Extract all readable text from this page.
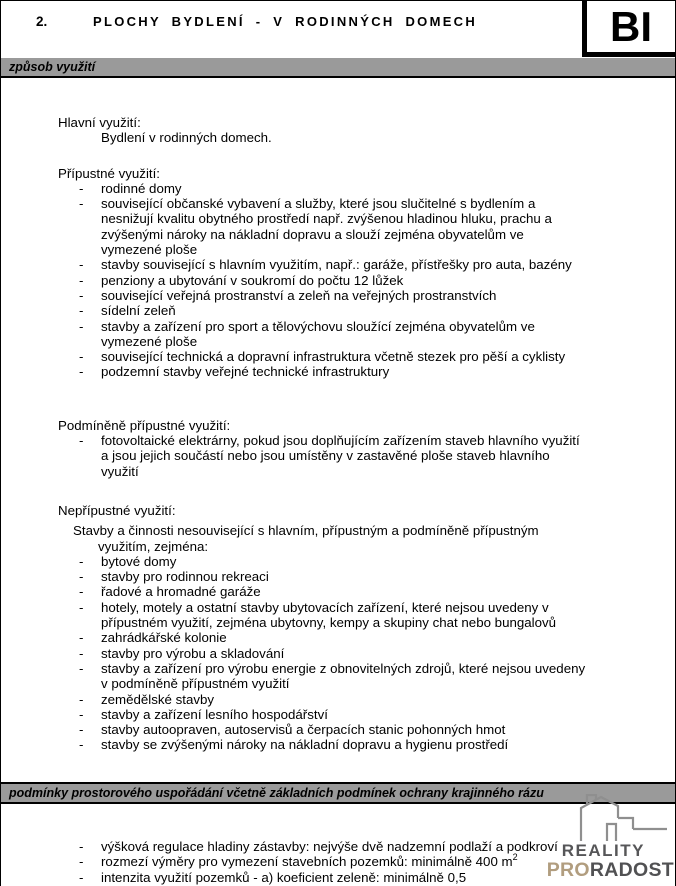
2.	PLOCHY BYDLENÍ - V RODINNÝCH DOMECH	BI
způsob využití

Hlavní využití:

Bydlení v rodinných domech.

Přípustné využití:

-	rodinné domy
-	související občanské vybavení a služby, které jsou slučitelné s bydlením a nesnižují kvalitu obytného prostředí např. zvýšenou hladinou hluku, prachu a zvýšenými nároky na nákladní dopravu a slouží zejména obyvatelům ve vymezené ploše
-	stavby související s hlavním využitím, např.: garáže, přístřešky pro auta, bazény
-	penziony a ubytování v soukromí do počtu 12 lůžek
-	související veřejná prostranství a zeleň na veřejných prostranstvích
-	sídelní zeleň
-	stavby a zařízení pro sport a tělovýchovu sloužící zejména obyvatelům ve vymezené ploše
-	související technická a dopravní infrastruktura včetně stezek pro pěší a cyklisty
-	podzemní stavby veřejné technické infrastruktury

Podmíněně přípustné využití:

-	fotovoltaické elektrárny, pokud jsou doplňujícím zařízením staveb hlavního využití a jsou jejich součástí nebo jsou umístěny v zastavěné ploše staveb hlavního využití

Nepřípustné využití:

Stavby a činnosti nesouvisející s hlavním, přípustným a podmíněně přípustným využitím, zejména:

-	bytové domy
-	stavby pro rodinnou rekreaci
-	řadové a hromadné garáže
-	hotely, motely a ostatní stavby ubytovacích zařízení, které nejsou uvedeny v přípustném využití, zejména ubytovny, kempy a skupiny chat nebo bungalovů
-	zahrádkářské kolonie
-	stavby pro výrobu a skladování
-	stavby a zařízení pro výrobu energie z obnovitelných zdrojů, které nejsou uvedeny v podmíněně přípustném využití
-	zemědělské stavby
-	stavby a zařízení lesního hospodářství
-	stavby autoopraven, autoservisů a čerpacích stanic pohonných hmot
-	stavby se zvýšenými nároky na nákladní dopravu a hygienu prostředí
podmínky prostorového uspořádání včetně základních podmínek ochrany krajinného rázu
-	výšková regulace hladiny zástavby: nejvýše dvě nadzemní podlaží a podkroví
-	rozmezí výměry pro vymezení stavebních pozemků: minimálně 400 $m^2$
-	intenzita využití pozemků - a) koeficient zeleně: minimálně 0,5
REALITY
PRORADOST
